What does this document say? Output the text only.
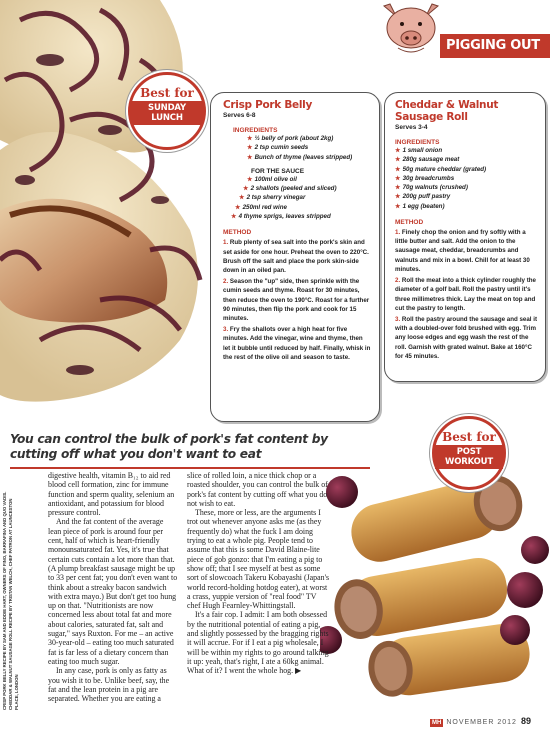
PIGGING OUT
Crisp Pork Belly
Serves 6-8
INGREDIENTS
★ ½ belly of pork (about 2kg)
★ 2 tsp cumin seeds
★ Bunch of thyme (leaves stripped)
FOR THE SAUCE
★ 100ml olive oil
★ 2 shallots (peeled and sliced)
★ 2 tsp sherry vinegar
★ 250ml red wine
★ 4 thyme sprigs, leaves stripped
METHOD
1. Rub plenty of sea salt into the pork's skin and set aside for one hour. Preheat the oven to 220°C. Brush off the salt and place the pork skin-side down in an oiled pan.
2. Season the "up" side, then sprinkle with the cumin seeds and thyme. Roast for 30 minutes, then reduce the oven to 190°C. Roast for a further 90 minutes, then flip the pork and cook for 15 minutes.
3. Fry the shallots over a high heat for five minutes. Add the vinegar, wine and thyme, then let it bubble until reduced by half. Finally, whisk in the rest of the olive oil and season to taste.
Cheddar & Walnut Sausage Roll
Serves 3-4
INGREDIENTS
★ 1 small onion
★ 280g sausage meat
★ 50g mature cheddar (grated)
★ 30g breadcrumbs
★ 70g walnuts (crushed)
★ 200g puff pastry
★ 1 egg (beaten)
METHOD
1. Finely chop the onion and fry softly with a little butter and salt. Add the onion to the sausage meat, cheddar, breadcrumbs and walnuts and mix in a bowl. Chill for at least 30 minutes.
2. Roll the meat into a thick cylinder roughly the diameter of a golf ball. Roll the pastry until it's three millimetres thick. Lay the meat on top and cut the pastry to length.
3. Roll the pastry around the sausage and seal it with a doubled-over fold brushed with egg. Trim any loose edges and egg wash the rest of the roll. Garnish with grated walnut. Bake at 160°C for 45 minutes.
Best for
SUNDAY LUNCH
You can control the bulk of pork's fat content by cutting off what you don't want to eat
Best for
POST WORKOUT
CRISP PORK BELLY RECIPE BY SAM AND EDDIE HART, OWNERS OF FINO, BARRAFINA AND QUO VADIS. CHEDDAR & WALNUT SAUSAGE ROLL RECIPE BY TRISTAN WELCH, CHEF PATRON AT LAUNCESTON PLACE, LONDON

digestive health, vitamin B₁₂ to aid red blood cell formation, zinc for immune function and sperm quality, selenium an antioxidant, and potassium for blood pressure control.

And the fat content of the average lean piece of pork is around four per cent, half of which is heart-friendly monounsaturated fat. Yes, it's true that certain cuts contain a lot more than that. (A plump breakfast sausage might be up to 33 per cent fat; you don't even want to think about a streaky bacon sandwich with extra mayo.) But don't get too hung up on that. "Nutritionists are now concerned less about total fat and more about calories, saturated fat, salt and sugar," says Ruxton. For me – an active 30-year-old – eating too much saturated fat is far less of a dietary concern than eating too much sugar.

In any case, pork is only as fatty as you wish it to be. Unlike beef, say, the fat and the lean protein in a pig are separated. Whether you are eating a

slice of rolled loin, a nice thick chop or a roasted shoulder, you can control the bulk of pork's fat content by cutting off what you do not wish to eat.

These, more or less, are the arguments I trot out whenever anyone asks me (as they frequently do) what the fuck I am doing trying to eat a whole pig. People tend to assume that this is some David Blaine-lite piece of gob gonzo: that I'm eating a pig to show off; that I see myself at best as some sort of slowcoach Takeru Kobayashi (Japan's world record-holding hotdog eater), at worst a crass, yuppie version of "real food" TV chef Hugh Fearnley-Whittingstall.

It's a fair cop. I admit: I am both obsessed by the nutritional potential of eating a pig, and slightly possessed by the bragging rights it will accrue. For if I eat a pig wholesale, I will be within my rights to go around talking it up: yeah, that's right, I ate a 60kg animal. What of it? I went the whole hog. ▶

MH NOVEMBER 2012 89
